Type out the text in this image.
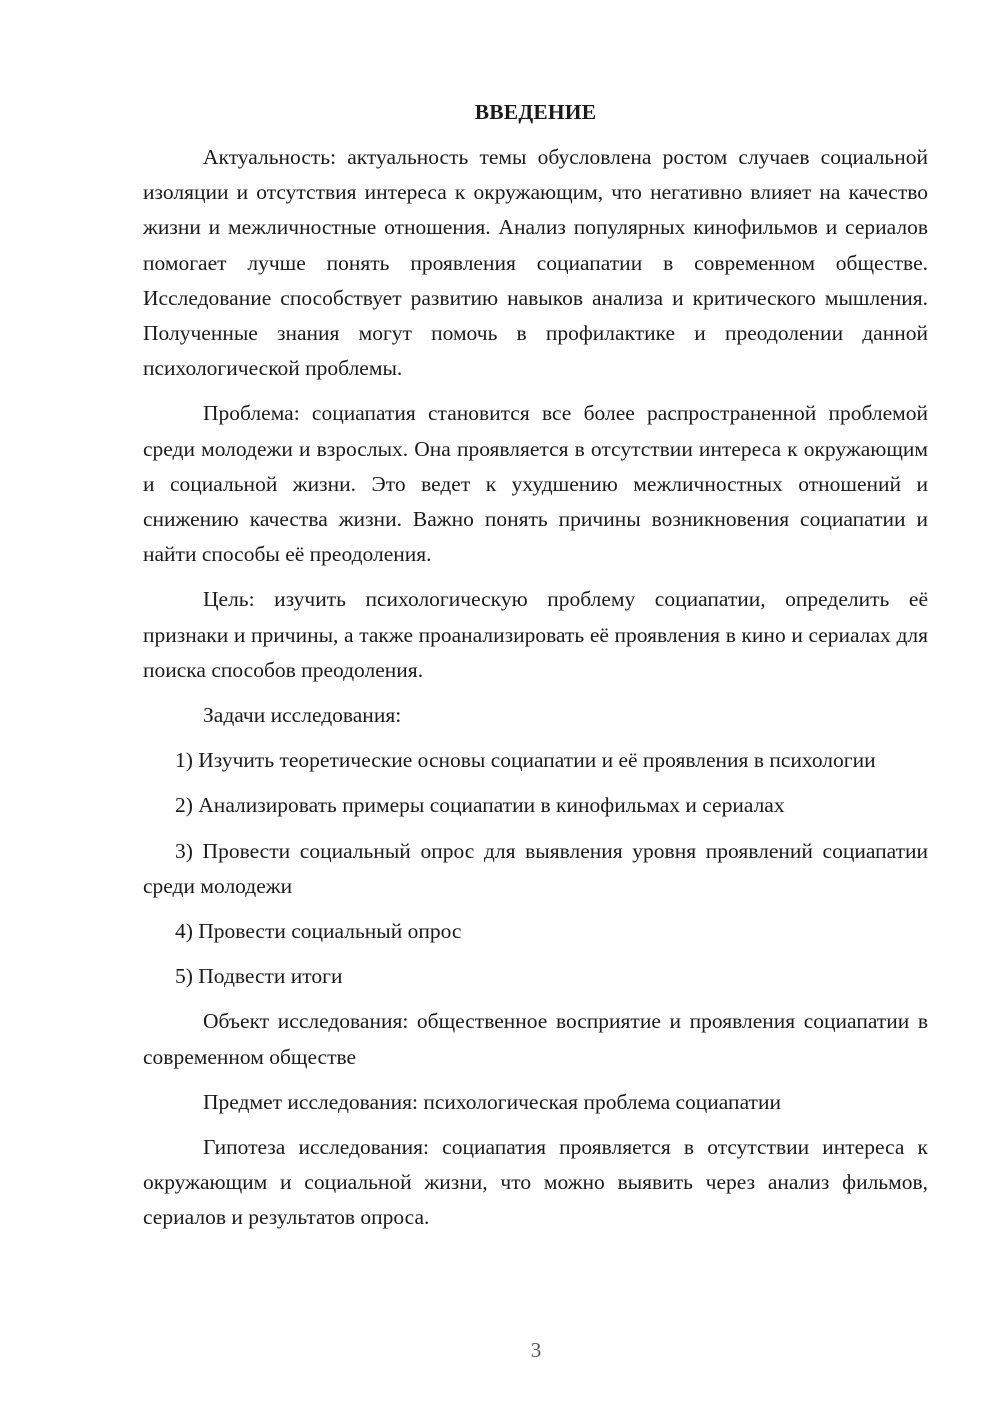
ВВЕДЕНИЕ

Актуальность: актуальность темы обусловлена ростом случаев социальной изоляции и отсутствия интереса к окружающим, что негативно влияет на качество жизни и межличностные отношения. Анализ популярных кинофильмов и сериалов помогает лучше понять проявления социапатии в современном обществе. Исследование способствует развитию навыков анализа и критического мышления. Полученные знания могут помочь в профилактике и преодолении данной психологической проблемы.

Проблема: социапатия становится все более распространенной проблемой среди молодежи и взрослых. Она проявляется в отсутствии интереса к окружающим и социальной жизни. Это ведет к ухудшению межличностных отношений и снижению качества жизни. Важно понять причины возникновения социапатии и найти способы её преодоления.

Цель: изучить психологическую проблему социапатии, определить её признаки и причины, а также проанализировать её проявления в кино и сериалах для поиска способов преодоления.

Задачи исследования:

1) Изучить теоретические основы социапатии и её проявления в психологии

2) Анализировать примеры социапатии в кинофильмах и сериалах

3) Провести социальный опрос для выявления уровня проявлений социапатии среди молодежи

4) Провести социальный опрос

5) Подвести итоги

Объект исследования: общественное восприятие и проявления социапатии в современном обществе

Предмет исследования: психологическая проблема социапатии

Гипотеза исследования: социапатия проявляется в отсутствии интереса к окружающим и социальной жизни, что можно выявить через анализ фильмов, сериалов и результатов опроса.

3
